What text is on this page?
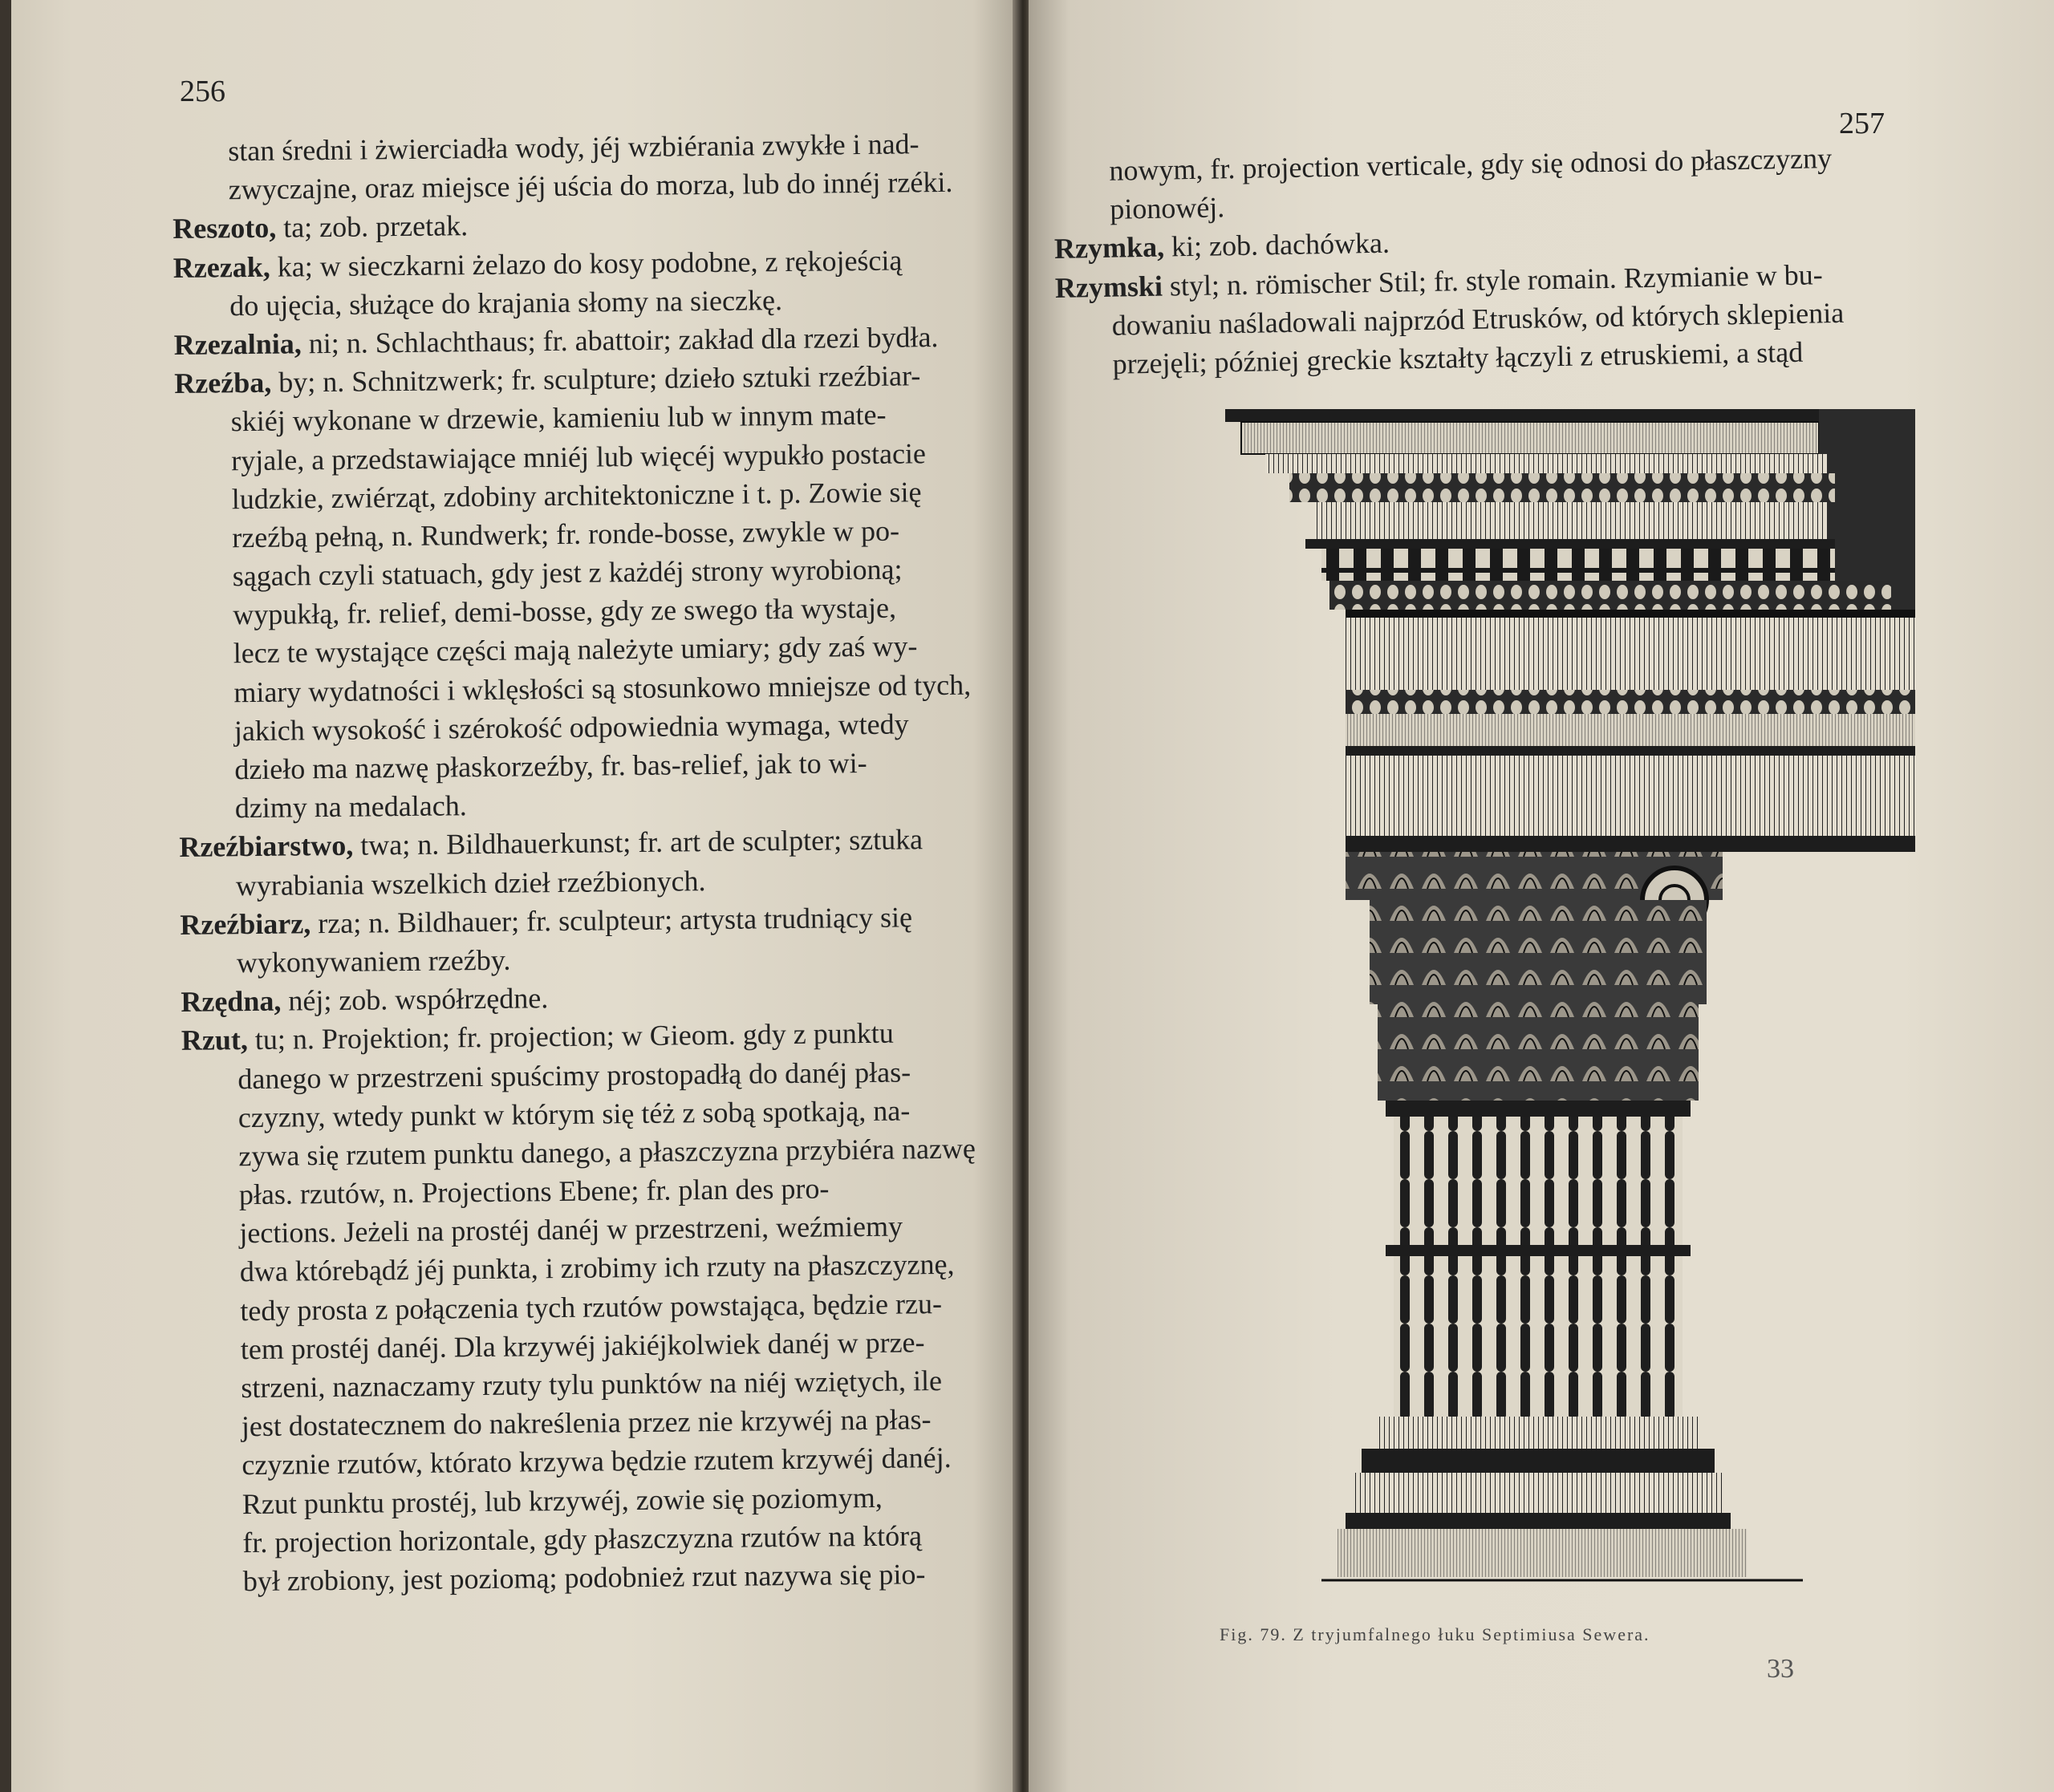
256
stan średni i żwierciadła wody, jéj wzbiérania zwykłe i nad-
zwyczajne, oraz miejsce jéj uścia do morza, lub do innéj rzéki.
Reszoto, ta; zob. przetak.
Rzezak, ka; w sieczkarni żelazo do kosy podobne, z rękojeścią
do ujęcia, służące do krajania słomy na sieczkę.
Rzezalnia, ni; n. Schlachthaus; fr. abattoir; zakład dla rzezi bydła.
Rzeźba, by; n. Schnitzwerk; fr. sculpture; dzieło sztuki rzeźbiar-
skiéj wykonane w drzewie, kamieniu lub w innym mate-
ryjale, a przedstawiające mniéj lub więcéj wypukło postacie
ludzkie, zwiérząt, zdobiny architektoniczne i t. p. Zowie się
rzeźbą pełną, n. Rundwerk; fr. ronde-bosse, zwykle w po-
sągach czyli statuach, gdy jest z każdéj strony wyrobioną;
wypukłą, fr. relief, demi-bosse, gdy ze swego tła wystaje,
lecz te wystające części mają należyte umiary; gdy zaś wy-
miary wydatności i wklęsłości są stosunkowo mniejsze od tych,
jakich wysokość i szérokość odpowiednia wymaga, wtedy
dzieło ma nazwę płaskorzeźby, fr. bas-relief, jak to wi-
dzimy na medalach.
Rzeźbiarstwo, twa; n. Bildhauerkunst; fr. art de sculpter; sztuka
wyrabiania wszelkich dzieł rzeźbionych.
Rzeźbiarz, rza; n. Bildhauer; fr. sculpteur; artysta trudniący się
wykonywaniem rzeźby.
Rzędna, néj; zob. współrzędne.
Rzut, tu; n. Projektion; fr. projection; w Gieom. gdy z punktu
danego w przestrzeni spuścimy prostopadłą do danéj płas-
czyzny, wtedy punkt w którym się téż z sobą spotkają, na-
zywa się rzutem punktu danego, a płaszczyzna przybiéra nazwę
płas. rzutów, n. Projections Ebene; fr. plan des pro-
jections. Jeżeli na prostéj danéj w przestrzeni, weźmiemy
dwa którebądź jéj punkta, i zrobimy ich rzuty na płaszczyznę,
tedy prosta z połączenia tych rzutów powstająca, będzie rzu-
tem prostéj danéj. Dla krzywéj jakiéjkolwiek danéj w prze-
strzeni, naznaczamy rzuty tylu punktów na niéj wziętych, ile
jest dostatecznem do nakreślenia przez nie krzywéj na płas-
czyznie rzutów, którato krzywa będzie rzutem krzywéj danéj.
Rzut punktu prostéj, lub krzywéj, zowie się poziomym,
fr. projection horizontale, gdy płaszczyzna rzutów na którą
był zrobiony, jest poziomą; podobnież rzut nazywa się pio-
257
nowym, fr. projection verticale, gdy się odnosi do płaszczyzny
pionowéj.
Rzymka, ki; zob. dachówka.
Rzymski styl; n. römischer Stil; fr. style romain. Rzymianie w bu-
dowaniu naśladowali najprzód Etrusków, od których sklepienia
przejęli; później greckie kształty łączyli z etruskiemi, a stąd
Fig. 79. Z tryjumfalnego łuku Septimiusa Sewera.
33
